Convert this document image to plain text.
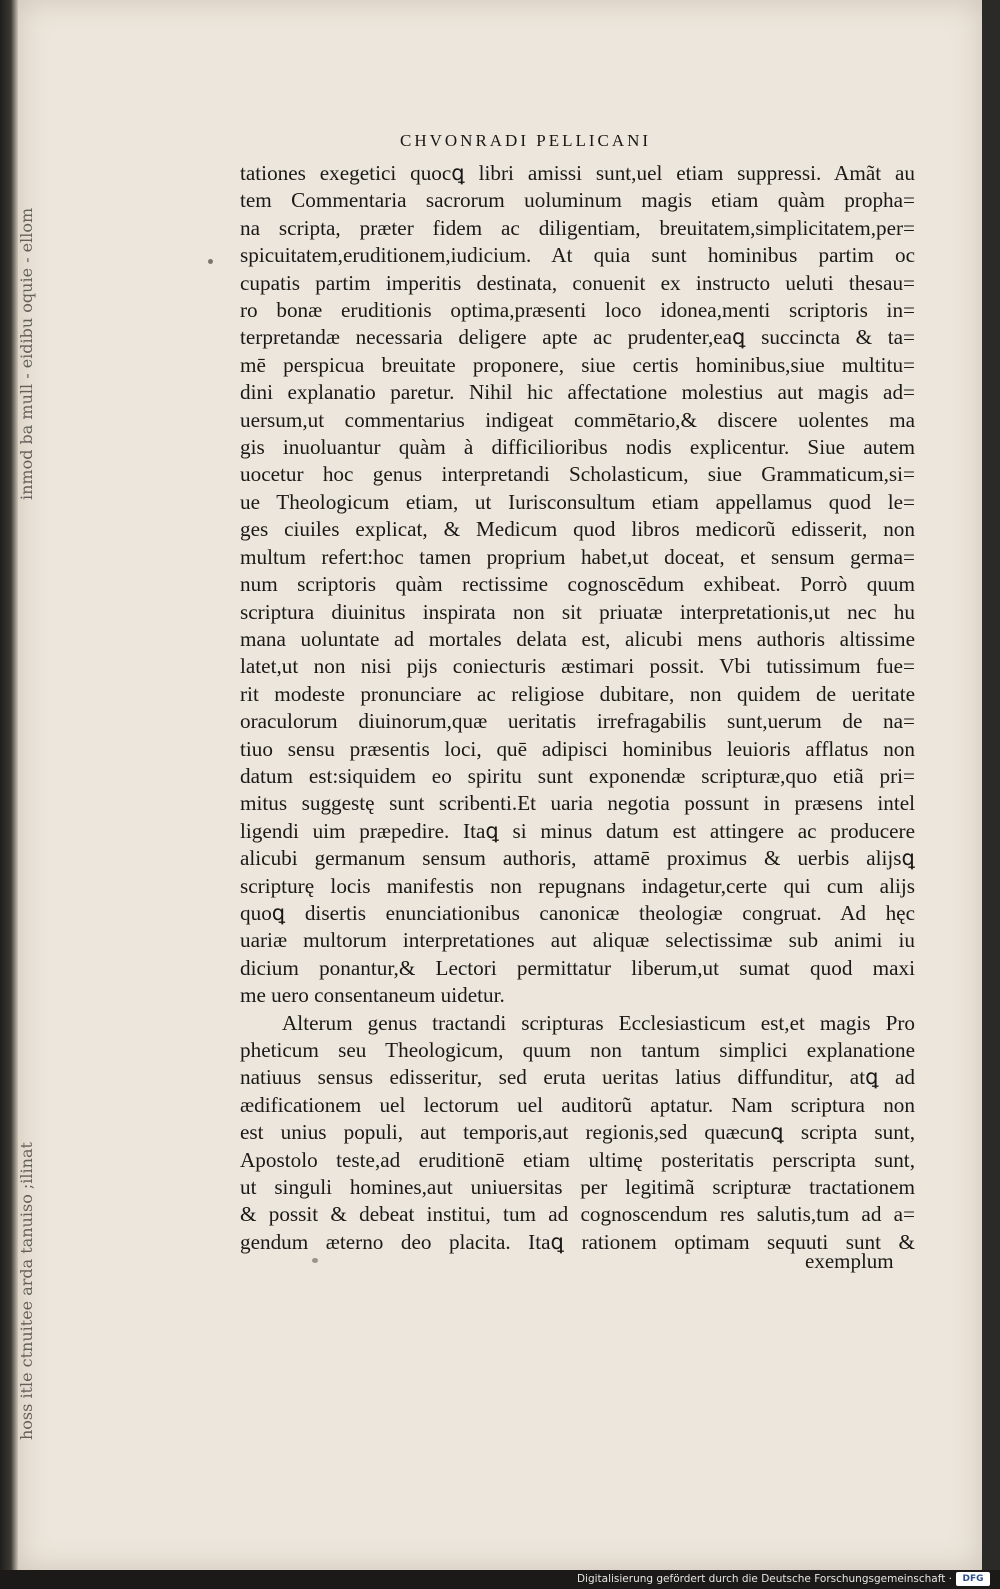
inmod ba mull - eidibu oquie - ellom
hoss itle ctnuitee arda tanuiso ;ilinat
CHVONRADI PELLICANI
tationes exegetici quocꝗ libri amissi sunt,uel etiam suppressi. Amãt au
tem Commentaria sacrorum uoluminum magis etiam quàm propha=
na scripta, præter fidem ac diligentiam, breuitatem,simplicitatem,per=
spicuitatem,eruditionem,iudicium. At quia sunt hominibus partim oc
cupatis partim imperitis destinata, conuenit ex instructo ueluti thesau=
ro bonæ eruditionis optima,præsenti loco idonea,menti scriptoris in=
terpretandæ necessaria deligere apte ac prudenter,eaꝗ succincta & ta=
mē perspicua breuitate proponere, siue certis hominibus,siue multitu=
dini explanatio paretur. Nihil hic affectatione molestius aut magis ad=
uersum,ut commentarius indigeat commētario,& discere uolentes ma
gis inuoluantur quàm à difficilioribus nodis explicentur. Siue autem
uocetur hoc genus interpretandi Scholasticum, siue Grammaticum,si=
ue Theologicum etiam, ut Iurisconsultum etiam appellamus quod le=
ges ciuiles explicat, & Medicum quod libros medicorũ edisserit, non
multum refert:hoc tamen proprium habet,ut doceat, et sensum germa=
num scriptoris quàm rectissime cognoscēdum exhibeat. Porrò quum
scriptura diuinitus inspirata non sit priuatæ interpretationis,ut nec hu
mana uoluntate ad mortales delata est, alicubi mens authoris altissime
latet,ut non nisi pijs coniecturis æstimari possit. Vbi tutissimum fue=
rit modeste pronunciare ac religiose dubitare, non quidem de ueritate
oraculorum diuinorum,quæ ueritatis irrefragabilis sunt,uerum de na=
tiuo sensu præsentis loci, quē adipisci hominibus leuioris afflatus non
datum est:siquidem eo spiritu sunt exponendæ scripturæ,quo etiã pri=
mitus suggestę sunt scribenti.Et uaria negotia possunt in præsens intel
ligendi uim præpedire. Itaꝗ si minus datum est attingere ac producere
alicubi germanum sensum authoris, attamē proximus & uerbis alijsꝗ
scripturę locis manifestis non repugnans indagetur,certe qui cum alijs
quoꝗ disertis enunciationibus canonicæ theologiæ congruat. Ad hęc
uariæ multorum interpretationes aut aliquæ selectissimæ sub animi iu
dicium ponantur,& Lectori permittatur liberum,ut sumat quod maxi
me uero consentaneum uidetur.
Alterum genus tractandi scripturas Ecclesiasticum est,et magis Pro
pheticum seu Theologicum, quum non tantum simplici explanatione
natiuus sensus edisseritur, sed eruta ueritas latius diffunditur, atꝗ ad
ædificationem uel lectorum uel auditorũ aptatur. Nam scriptura non
est unius populi, aut temporis,aut regionis,sed quæcunꝗ scripta sunt,
Apostolo teste,ad eruditionē etiam ultimę posteritatis perscripta sunt,
ut singuli homines,aut uniuersitas per legitimã scripturæ tractationem
& possit & debeat institui, tum ad cognoscendum res salutis,tum ad a=
gendum æterno deo placita. Itaꝗ rationem optimam sequuti sunt &
exemplum
Digitalisierung gefördert durch die Deutsche Forschungsgemeinschaft · DFG
